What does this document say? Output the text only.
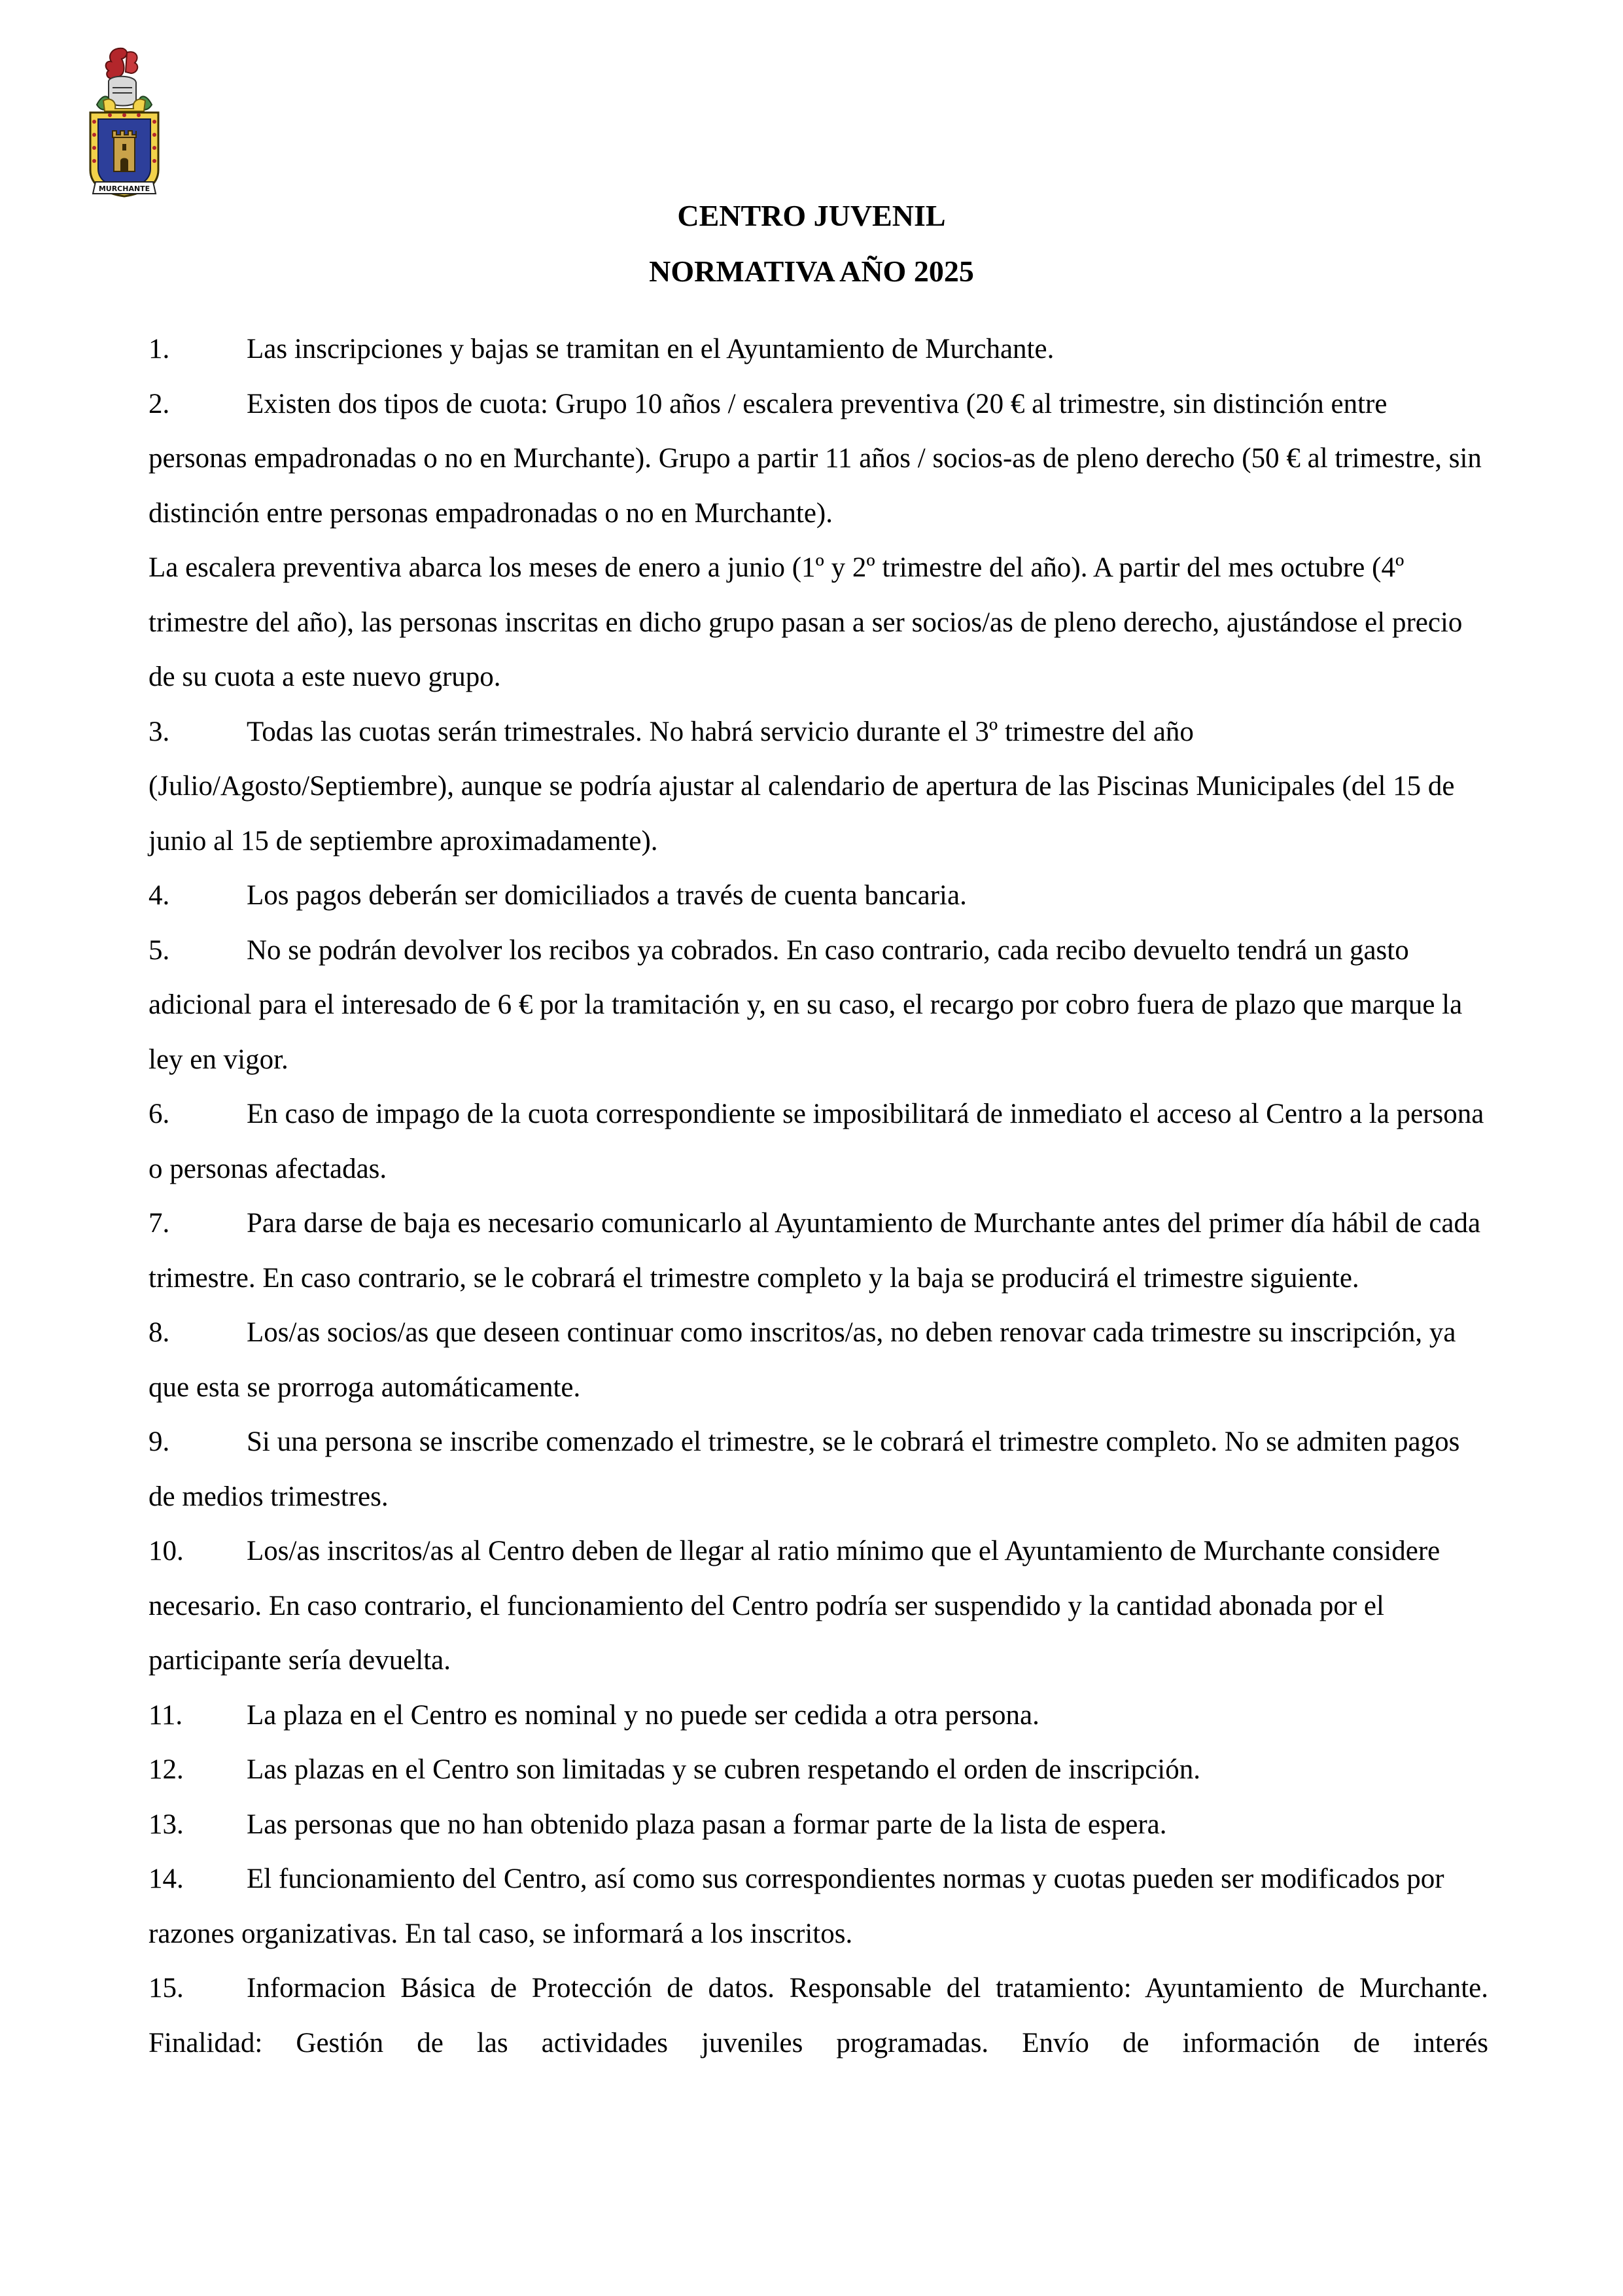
MURCHANTE
CENTRO JUVENIL
NORMATIVA AÑO 2025

1.	Las inscripciones y bajas se tramitan en el Ayuntamiento de Murchante.

2.	Existen dos tipos de cuota: Grupo 10 años / escalera preventiva (20 € al trimestre, sin distinción entre personas empadronadas o no en Murchante). Grupo a partir 11 años / socios-as de pleno derecho (50 € al trimestre, sin distinción entre personas empadronadas o no en Murchante).

La escalera preventiva abarca los meses de enero a junio (1º y 2º trimestre del año). A partir del mes octubre (4º trimestre del año), las personas inscritas en dicho grupo pasan a ser socios/as de pleno derecho, ajustándose el precio de su cuota a este nuevo grupo.

3.	Todas las cuotas serán trimestrales. No habrá servicio durante el 3º trimestre del año (Julio/Agosto/Septiembre), aunque se podría ajustar al calendario de apertura de las Piscinas Municipales (del 15 de junio al 15 de septiembre aproximadamente).

4.	Los pagos deberán ser domiciliados a través de cuenta bancaria.

5.	No se podrán devolver los recibos ya cobrados. En caso contrario, cada recibo devuelto tendrá un gasto adicional para el interesado de 6 € por la tramitación y, en su caso, el recargo por cobro fuera de plazo que marque la ley en vigor.

6.	En caso de impago de la cuota correspondiente se imposibilitará de inmediato el acceso al Centro a la persona o personas afectadas.

7.	Para darse de baja es necesario comunicarlo al Ayuntamiento de Murchante antes del primer día hábil de cada trimestre. En caso contrario, se le cobrará el trimestre completo y la baja se producirá el trimestre siguiente.

8.	Los/as socios/as que deseen continuar como inscritos/as, no deben renovar cada trimestre su inscripción, ya que esta se prorroga automáticamente.

9.	Si una persona se inscribe comenzado el trimestre, se le cobrará el trimestre completo. No se admiten pagos de medios trimestres.

10. Los/as inscritos/as al Centro deben de llegar al ratio mínimo que el Ayuntamiento de Murchante considere necesario. En caso contrario, el funcionamiento del Centro podría ser suspendido y la cantidad abonada por el participante sería devuelta.

11. La plaza en el Centro es nominal y no puede ser cedida a otra persona.

12. Las plazas en el Centro son limitadas y se cubren respetando el orden de inscripción.

13. Las personas que no han obtenido plaza pasan a formar parte de la lista de espera.

14. El funcionamiento del Centro, así como sus correspondientes normas y cuotas pueden ser modificados por razones organizativas. En tal caso, se informará a los inscritos.

15. Informacion Básica de Protección de datos. Responsable del tratamiento: Ayuntamiento de Murchante. Finalidad: Gestión de las actividades juveniles programadas. Envío de información de interés
